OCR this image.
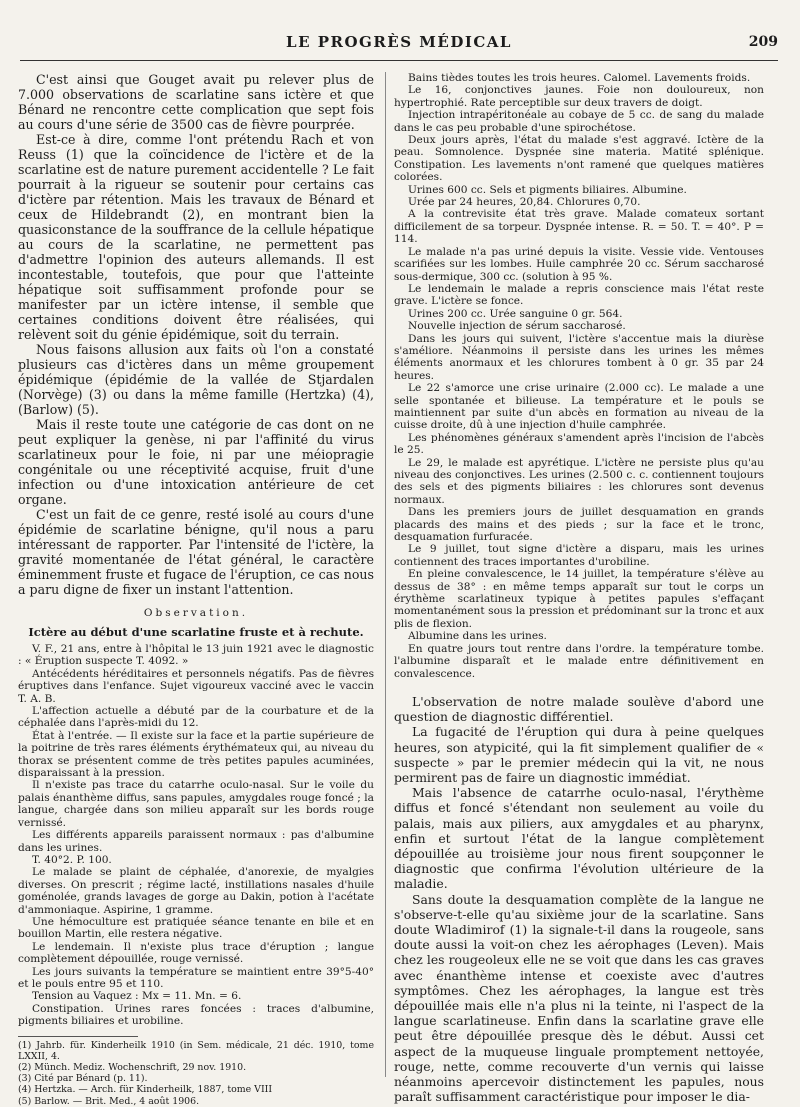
LE PROGRÈS MÉDICAL	209

C'est ainsi que Gouget avait pu relever plus de 7.000 observations de scarlatine sans ictère et que Bénard ne rencontre cette complication que sept fois au cours d'une série de 3500 cas de fièvre pourprée.

Est-ce à dire, comme l'ont prétendu Rach et von Reuss (1) que la coïncidence de l'ictère et de la scarlatine est de nature purement accidentelle ? Le fait pourrait à la rigueur se soutenir pour certains cas d'ictère par rétention. Mais les travaux de Bénard et ceux de Hildebrandt (2), en montrant bien la quasiconstance de la souffrance de la cellule hépatique au cours de la scarlatine, ne permettent pas d'admettre l'opinion des auteurs allemands. Il est incontestable, toutefois, que pour que l'atteinte hépatique soit suffisamment profonde pour se manifester par un ictère intense, il semble que certaines conditions doivent être réalisées, qui relèvent soit du génie épidémique, soit du terrain.

Nous faisons allusion aux faits où l'on a constaté plusieurs cas d'ictères dans un même groupement épidémique (épidémie de la vallée de Stjardalen (Norvège) (3) ou dans la même famille (Hertzka) (4), (Barlow) (5).

Mais il reste toute une catégorie de cas dont on ne peut expliquer la genèse, ni par l'affinité du virus scarlatineux pour le foie, ni par une méiopragie congénitale ou une réceptivité acquise, fruit d'une infection ou d'une intoxication antérieure de cet organe.

C'est un fait de ce genre, resté isolé au cours d'une épidémie de scarlatine bénigne, qu'il nous a paru intéressant de rapporter. Par l'intensité de l'ictère, la gravité momentanée de l'état général, le caractère éminemment fruste et fugace de l'éruption, ce cas nous a paru digne de fixer un instant l'attention.

Observation.
Ictère au début d'une scarlatine fruste et à rechute.

V. F., 21 ans, entre à l'hôpital le 13 juin 1921 avec le diagnostic : « Éruption suspecte T. 4092. »

Antécédents héréditaires et personnels négatifs. Pas de fièvres éruptives dans l'enfance. Sujet vigoureux vacciné avec le vaccin T. A. B.

L'affection actuelle a débuté par de la courbature et de la céphalée dans l'après-midi du 12.

État à l'entrée. — Il existe sur la face et la partie supérieure de la poitrine de très rares éléments érythémateux qui, au niveau du thorax se présentent comme de très petites papules acuminées, disparaissant à la pression.

Il n'existe pas trace du catarrhe oculo-nasal. Sur le voile du palais énanthème diffus, sans papules, amygdales rouge foncé ; la langue, chargée dans son milieu apparaît sur les bords rouge vernissé.

Les différents appareils paraissent normaux : pas d'albumine dans les urines.

T. 40°2. P. 100.

Le malade se plaint de céphalée, d'anorexie, de myalgies diverses. On prescrit ; régime lacté, instillations nasales d'huile goménolée, grands lavages de gorge au Dakin, potion à l'acétate d'ammoniaque. Aspirine, 1 gramme.

Une hémoculture est pratiquée séance tenante en bile et en bouillon Martin, elle restera négative.

Le lendemain. Il n'existe plus trace d'éruption ; langue complètement dépouillée, rouge vernissé.

Les jours suivants la température se maintient entre 39°5-40° et le pouls entre 95 et 110.

Tension au Vaquez : Mx = 11. Mn. = 6.

Constipation. Urines rares foncées : traces d'albumine, pigments biliaires et urobiline.

(1) Jahrb. für. Kinderheilk 1910 (in Sem. médicale, 21 déc. 1910, tome LXXII, 4.

(2) Münch. Mediz. Wochenschrift, 29 nov. 1910.

(3) Cité par Bénard (p. 11).

(4) Hertzka. — Arch. für Kinderheilk, 1887, tome VIII

(5) Barlow. — Brit. Med., 4 août 1906.

Bains tièdes toutes les trois heures. Calomel. Lavements froids.

Le 16, conjonctives jaunes. Foie non douloureux, non hypertrophié. Rate perceptible sur deux travers de doigt.

Injection intrapéritonéale au cobaye de 5 cc. de sang du malade dans le cas peu probable d'une spirochétose.

Deux jours après, l'état du malade s'est aggravé. Ictère de la peau. Somnolence. Dyspnée sine materia. Matité splénique. Constipation. Les lavements n'ont ramené que quelques matières colorées.

Urines 600 cc. Sels et pigments biliaires. Albumine.

Urée par 24 heures, 20,84. Chlorures 0,70.

A la contrevisite état très grave. Malade comateux sortant difficilement de sa torpeur. Dyspnée intense. R. = 50. T. = 40°. P = 114.

Le malade n'a pas uriné depuis la visite. Vessie vide. Ventouses scarifiées sur les lombes. Huile camphrée 20 cc. Sérum saccharosé sous-dermique, 300 cc. (solution à 95 %.

Le lendemain le malade a repris conscience mais l'état reste grave. L'ictère se fonce.

Urines 200 cc. Urée sanguine 0 gr. 564.

Nouvelle injection de sérum saccharosé.

Dans les jours qui suivent, l'ictère s'accentue mais la diurèse s'améliore. Néanmoins il persiste dans les urines les mêmes éléments anormaux et les chlorures tombent à 0 gr. 35 par 24 heures.

Le 22 s'amorce une crise urinaire (2.000 cc). Le malade a une selle spontanée et bilieuse. La température et le pouls se maintiennent par suite d'un abcès en formation au niveau de la cuisse droite, dû à une injection d'huile camphrée.

Les phénomènes généraux s'amendent après l'incision de l'abcès le 25.

Le 29, le malade est apyrétique. L'ictère ne persiste plus qu'au niveau des conjonctives. Les urines (2.500 c. c. contiennent toujours des sels et des pigments biliaires : les chlorures sont devenus normaux.

Dans les premiers jours de juillet desquamation en grands placards des mains et des pieds ; sur la face et le tronc, desquamation furfuracée.

Le 9 juillet, tout signe d'ictère a disparu, mais les urines contiennent des traces importantes d'urobiline.

En pleine convalescence, le 14 juillet, la température s'élève au dessus de 38° : en même temps apparaît sur tout le corps un érythème scarlatineux typique à petites papules s'effaçant momentanément sous la pression et prédominant sur la tronc et aux plis de flexion.

Albumine dans les urines.

En quatre jours tout rentre dans l'ordre. la température tombe. l'albumine disparaît et le malade entre définitivement en convalescence.

L'observation de notre malade soulève d'abord une question de diagnostic différentiel.

La fugacité de l'éruption qui dura à peine quelques heures, son atypicité, qui la fit simplement qualifier de « suspecte » par le premier médecin qui la vit, ne nous permirent pas de faire un diagnostic immédiat.

Mais l'absence de catarrhe oculo-nasal, l'érythème diffus et foncé s'étendant non seulement au voile du palais, mais aux piliers, aux amygdales et au pharynx, enfin et surtout l'état de la langue complètement dépouillée au troisième jour nous firent soupçonner le diagnostic que confirma l'évolution ultérieure de la maladie.

Sans doute la desquamation complète de la langue ne s'observe-t-elle qu'au sixième jour de la scarlatine. Sans doute Wladimirof (1) la signale-t-il dans la rougeole, sans doute aussi la voit-on chez les aérophages (Leven). Mais chez les rougeoleux elle ne se voit que dans les cas graves avec énanthème intense et coexiste avec d'autres symptômes. Chez les aérophages, la langue est très dépouillée mais elle n'a plus ni la teinte, ni l'aspect de la langue scarlatineuse. Enfin dans la scarlatine grave elle peut être dépouillée presque dès le début. Aussi cet aspect de la muqueuse linguale promptement nettoyée, rouge, nette, comme recouverte d'un vernis qui laisse néanmoins apercevoir distinctement les papules, nous paraît suffisamment caractéristique pour imposer le dia-
